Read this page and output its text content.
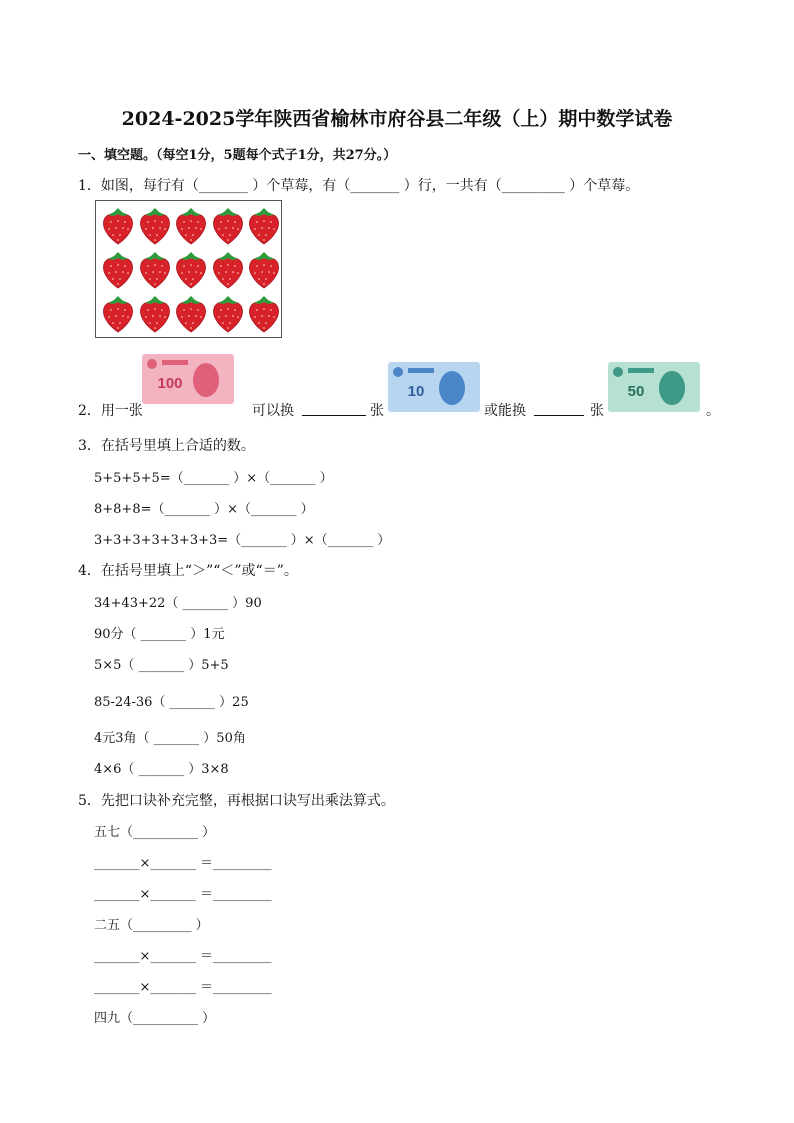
2024-2025学年陕西省榆林市府谷县二年级（上）期中数学试卷
一、填空题。（每空1分，5题每个式子1分，共27分。）
1．如图，每行有（_______ ）个草莓，有（_______ ）行，一共有（_________ ）个草莓。
2．用一张
100
可以换	张
10
或能换	张
50
。
3．在括号里填上合适的数。
5+5+5+5=（_______ ）×（_______ ）
8+8+8=（_______ ）×（_______ ）
3+3+3+3+3+3+3=（_______ ）×（_______ ）
4．在括号里填上“＞”“＜”或“＝”。
34+43+22（ _______ ）90
90分（ _______ ）1元
5×5（ _______ ）5+5
85-24-36（ _______ ）25
4元3角（ _______ ）50角
4×6（ _______ ）3×8
5．先把口诀补充完整，再根据口诀写出乘法算式。
五七（__________ ）
_______×_______ ＝_________
_______×_______ ＝_________
二五（_________ ）
_______×_______ ＝_________
_______×_______ ＝_________
四九（__________ ）
